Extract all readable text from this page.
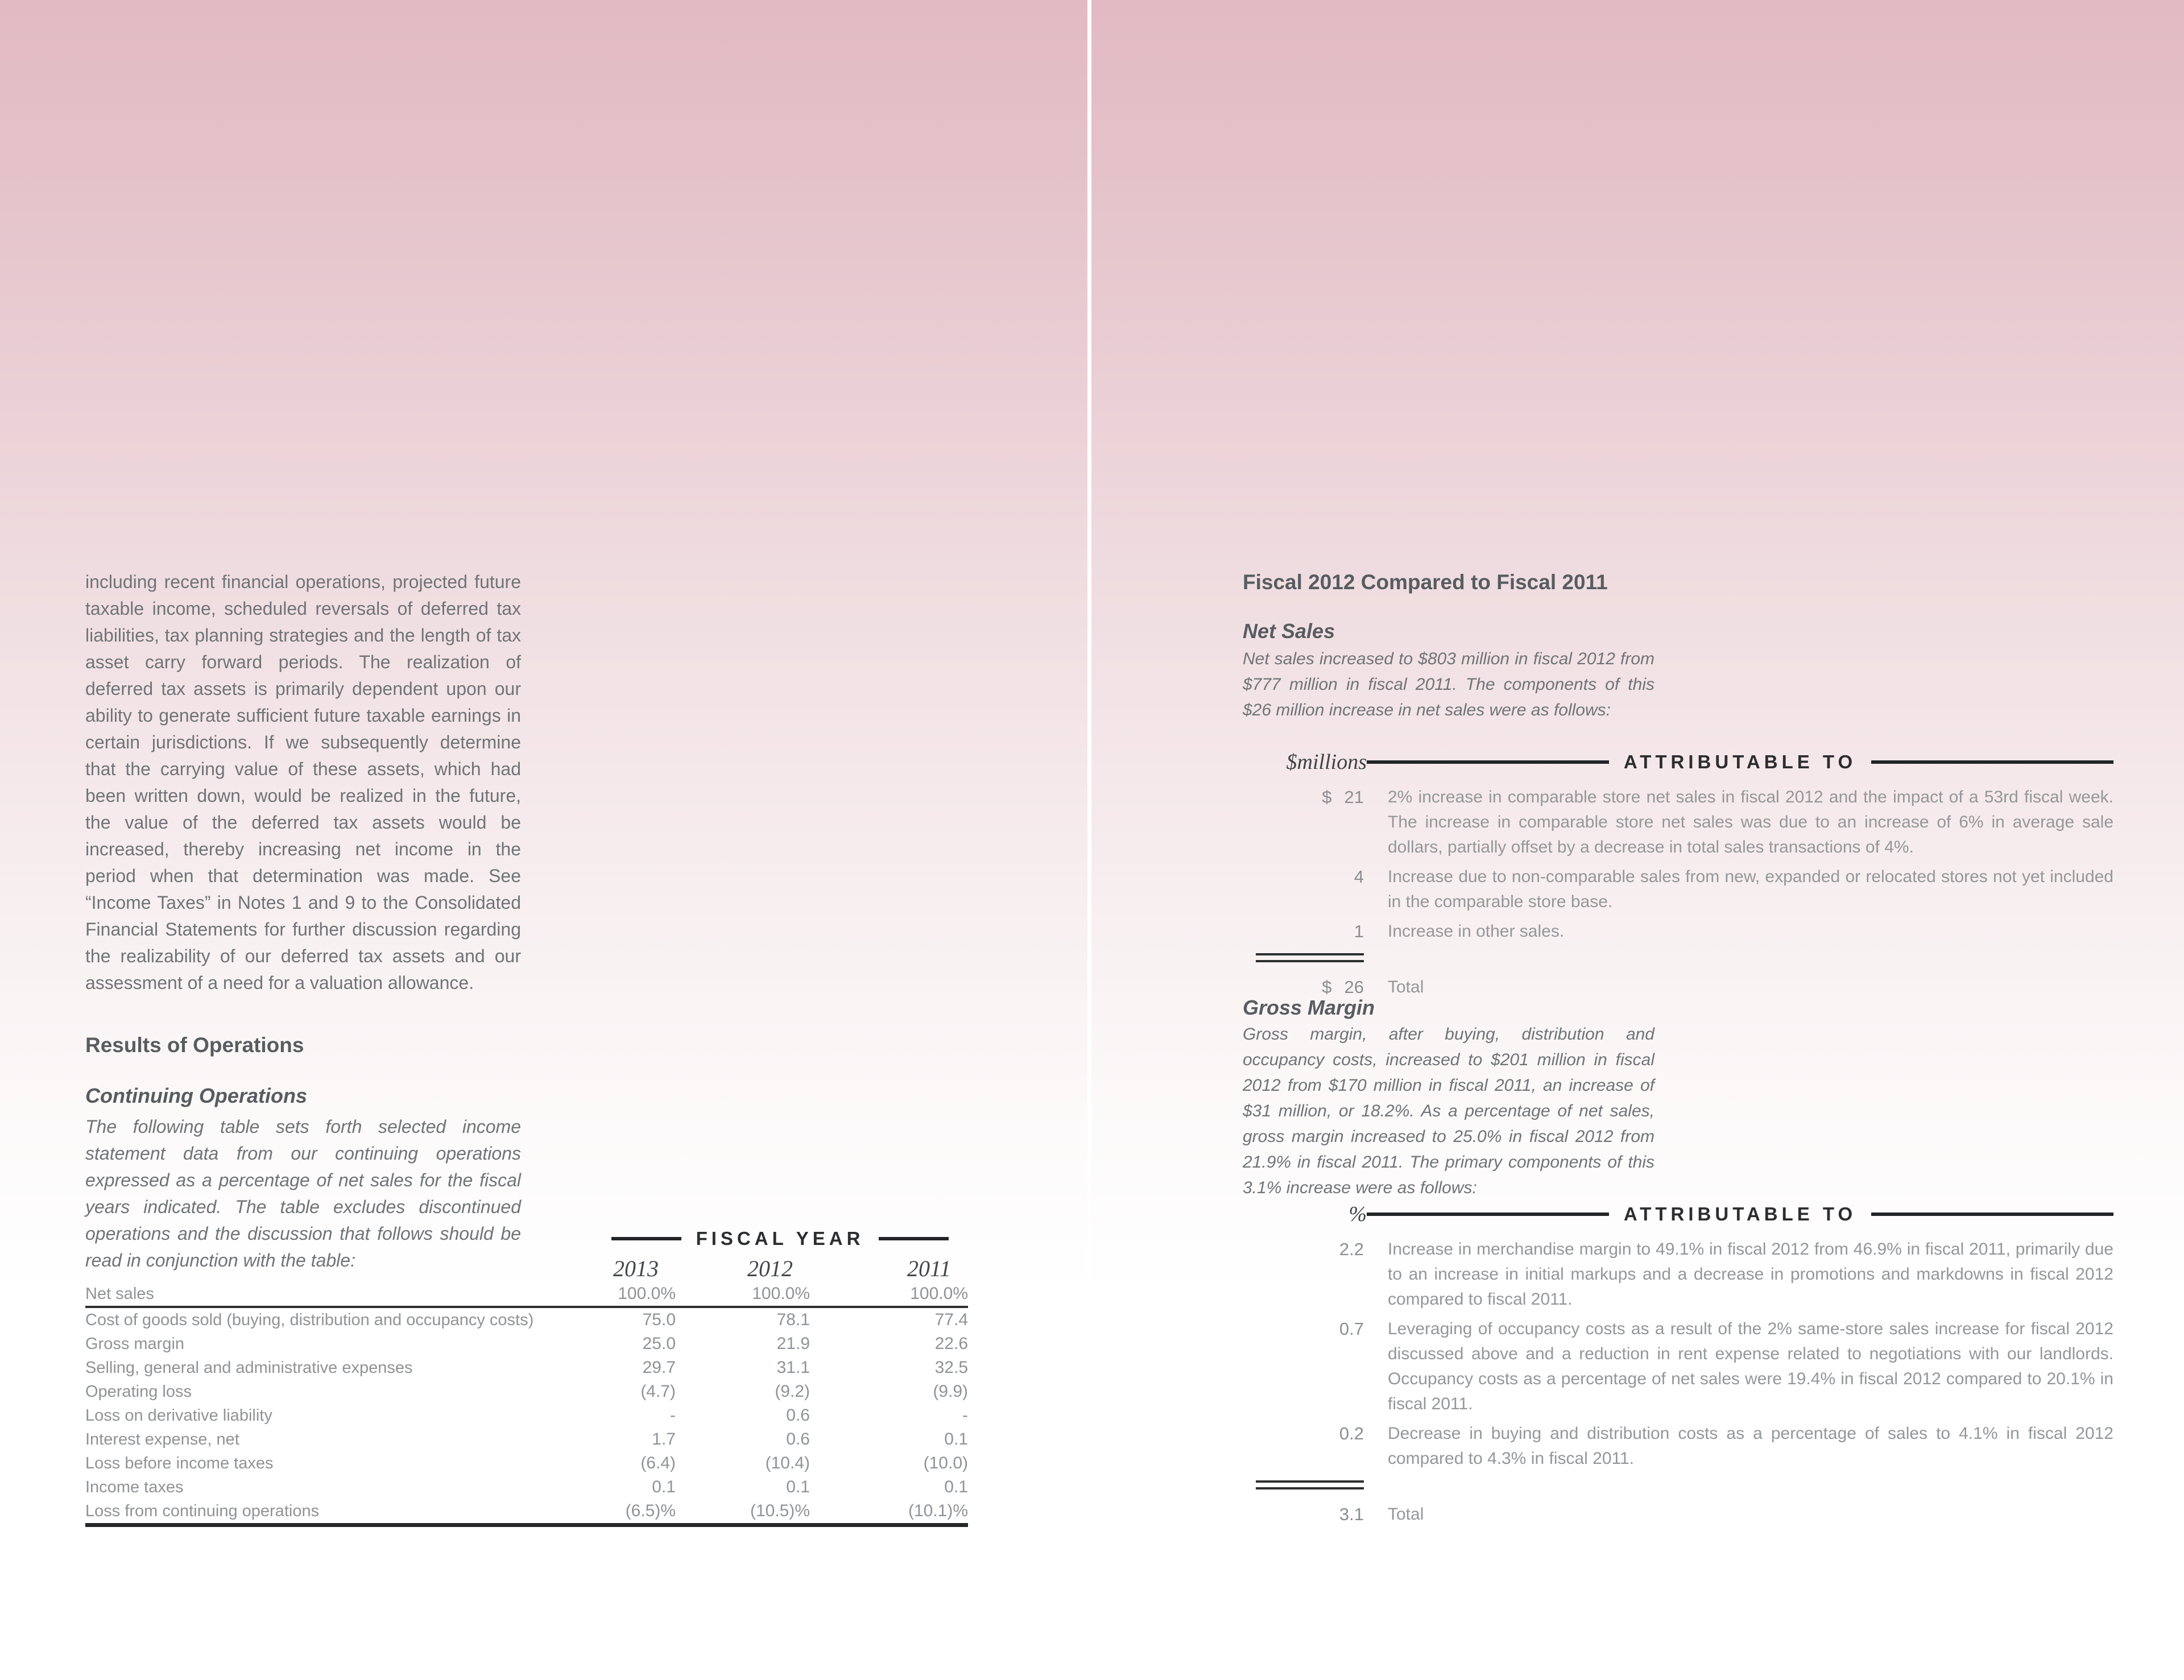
including recent financial operations, projected future taxable income, scheduled reversals of deferred tax liabilities, tax planning strategies and the length of tax asset carry forward periods. The realization of deferred tax assets is primarily dependent upon our ability to generate sufficient future taxable earnings in certain jurisdictions. If we subsequently determine that the carrying value of these assets, which had been written down, would be realized in the future, the value of the deferred tax assets would be increased, thereby increasing net income in the period when that determination was made. See “Income Taxes” in Notes 1 and 9 to the Consolidated Financial Statements for further discussion regarding the realizability of our deferred tax assets and our assessment of a need for a valuation allowance.

Results of Operations
Continuing Operations

The following table sets forth selected income statement data from our continuing operations expressed as a percentage of net sales for the fiscal years indicated. The table excludes discontinued operations and the discussion that follows should be read in conjunction with the table:

FISCAL YEAR
2013	2012	2011
Net sales	100.0%	100.0%	100.0%
Cost of goods sold (buying, distribution and occupancy costs)	75.0	78.1	77.4
Gross margin	25.0	21.9	22.6
Selling, general and administrative expenses	29.7	31.1	32.5
Operating loss	(4.7)	(9.2)	(9.9)
Loss on derivative liability	-	0.6	-
Interest expense, net	1.7	0.6	0.1
Loss before income taxes	(6.4)	(10.4)	(10.0)
Income taxes	0.1	0.1	0.1
Loss from continuing operations	(6.5)%	(10.5)%	(10.1)%
Fiscal 2012 Compared to Fiscal 2011
Net Sales

Net sales increased to $803 million in fiscal 2012 from $777 million in fiscal 2011. The components of this $26 million increase in net sales were as follows:

$millions	ATTRIBUTABLE TO
$ 21 2% increase in comparable store net sales in fiscal 2012 and the impact of a 53rd fiscal week. The increase in comparable store net sales was due to an increase of 6% in average sale dollars, partially offset by a decrease in total sales transactions of 4%.

4 Increase due to non-comparable sales from new, expanded or relocated stores not yet included in the comparable store base.

1 Increase in other sales.

$ 26 Total

Gross Margin

Gross margin, after buying, distribution and occupancy costs, increased to $201 million in fiscal 2012 from $170 million in fiscal 2011, an increase of $31 million, or 18.2%. As a percentage of net sales, gross margin increased to 25.0% in fiscal 2012 from 21.9% in fiscal 2011. The primary components of this 3.1% increase were as follows:

%	ATTRIBUTABLE TO
2.2 Increase in merchandise margin to 49.1% in fiscal 2012 from 46.9% in fiscal 2011, primarily due to an increase in initial markups and a decrease in promotions and markdowns in fiscal 2012 compared to fiscal 2011.

0.7 Leveraging of occupancy costs as a result of the 2% same-store sales increase for fiscal 2012 discussed above and a reduction in rent expense related to negotiations with our landlords. Occupancy costs as a percentage of net sales were 19.4% in fiscal 2012 compared to 20.1% in fiscal 2011.

0.2 Decrease in buying and distribution costs as a percentage of sales to 4.1% in fiscal 2012 compared to 4.3% in fiscal 2011.

3.1 Total
